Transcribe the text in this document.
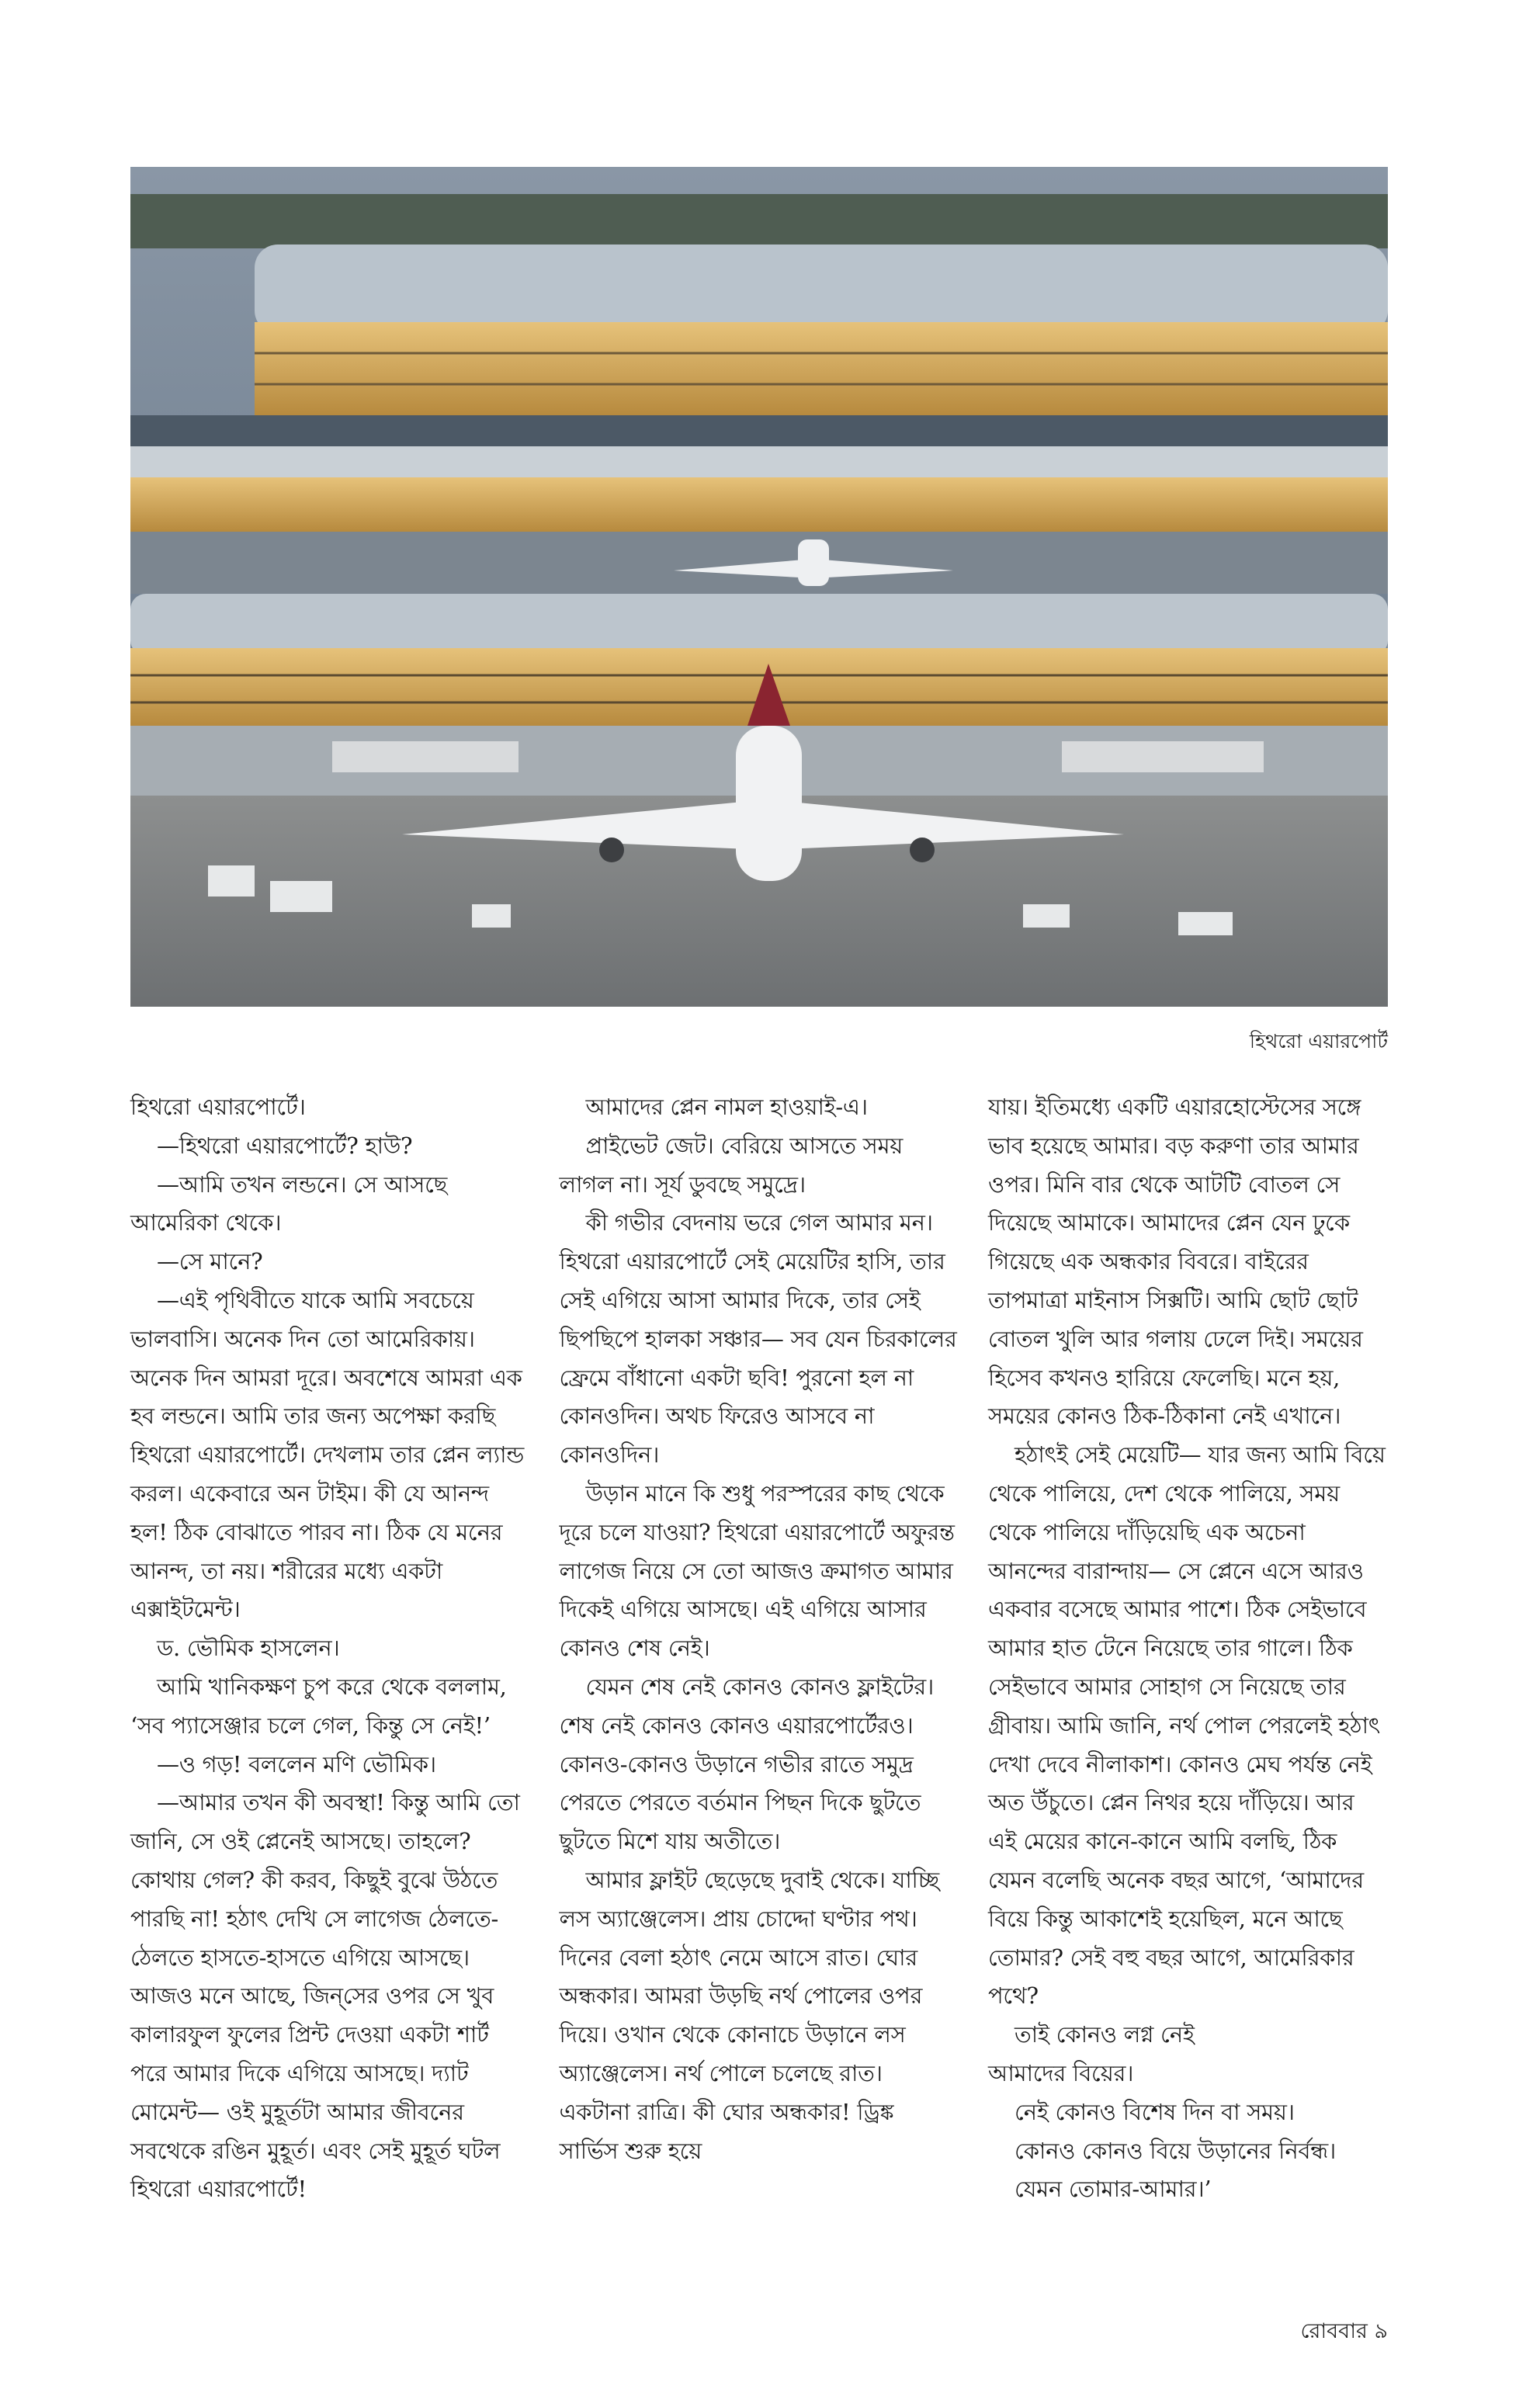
হিথরো এয়ারপোর্ট

হিথরো এয়ারপোর্টে।

—হিথরো এয়ারপোর্টে? হাউ?

—আমি তখন লন্ডনে। সে আসছে আমেরিকা থেকে।

—সে মানে?

—এই পৃথিবীতে যাকে আমি সবচেয়ে ভালবাসি। অনেক দিন তো আমেরিকায়। অনেক দিন আমরা দূরে। অবশেষে আমরা এক হব লন্ডনে। আমি তার জন্য অপেক্ষা করছি হিথরো এয়ারপোর্টে। দেখলাম তার প্লেন ল্যান্ড করল। একেবারে অন টাইম। কী যে আনন্দ হল! ঠিক বোঝাতে পারব না। ঠিক যে মনের আনন্দ, তা নয়। শরীরের মধ্যে একটা এক্সাইটমেন্ট।

ড. ভৌমিক হাসলেন।

আমি খানিকক্ষণ চুপ করে থেকে বললাম, ‘সব প্যাসেঞ্জার চলে গেল, কিন্তু সে নেই!’

—ও গড়! বললেন মণি ভৌমিক।

—আমার তখন কী অবস্থা! কিন্তু আমি তো জানি, সে ওই প্লেনেই আসছে। তাহলে? কোথায় গেল? কী করব, কিছুই বুঝে উঠতে পারছি না! হঠাৎ দেখি সে লাগেজ ঠেলতে-ঠেলতে হাসতে-হাসতে এগিয়ে আসছে। আজও মনে আছে, জিন্‌সের ওপর সে খুব কালারফুল ফুলের প্রিন্ট দেওয়া একটা শার্ট পরে আমার দিকে এগিয়ে আসছে। দ্যাট মোমেন্ট— ওই মুহূর্তটা আমার জীবনের সবথেকে রঙিন মুহূর্ত। এবং সেই মুহূর্ত ঘটল হিথরো এয়ারপোর্টে!

আমাদের প্লেন নামল হাওয়াই-এ।

প্রাইভেট জেট। বেরিয়ে আসতে সময় লাগল না। সূর্য ডুবছে সমুদ্রে।

কী গভীর বেদনায় ভরে গেল আমার মন। হিথরো এয়ারপোর্টে সেই মেয়েটির হাসি, তার সেই এগিয়ে আসা আমার দিকে, তার সেই ছিপছিপে হালকা সঞ্চার— সব যেন চিরকালের ফ্রেমে বাঁধানো একটা ছবি! পুরনো হল না কোনওদিন। অথচ ফিরেও আসবে না কোনওদিন।

উড়ান মানে কি শুধু পরস্পরের কাছ থেকে দূরে চলে যাওয়া? হিথরো এয়ারপোর্টে অফুরন্ত লাগেজ নিয়ে সে তো আজও ক্রমাগত আমার দিকেই এগিয়ে আসছে। এই এগিয়ে আসার কোনও শেষ নেই।

যেমন শেষ নেই কোনও কোনও ফ্লাইটের। শেষ নেই কোনও কোনও এয়ারপোর্টেরও। কোনও-কোনও উড়ানে গভীর রাতে সমুদ্র পেরতে পেরতে বর্তমান পিছন দিকে ছুটতে ছুটতে মিশে যায় অতীতে।

আমার ফ্লাইট ছেড়েছে দুবাই থেকে। যাচ্ছি লস অ্যাঞ্জেলেস। প্রায় চোদ্দো ঘণ্টার পথ। দিনের বেলা হঠাৎ নেমে আসে রাত। ঘোর অন্ধকার। আমরা উড়ছি নর্থ পোলের ওপর দিয়ে। ওখান থেকে কোনাচে উড়ানে লস অ্যাঞ্জেলেস। নর্থ পোলে চলেছে রাত। একটানা রাত্রি। কী ঘোর অন্ধকার! ড্রিঙ্ক সার্ভিস শুরু হয়ে

যায়। ইতিমধ্যে একটি এয়ারহোস্টেসের সঙ্গে ভাব হয়েছে আমার। বড় করুণা তার আমার ওপর। মিনি বার থেকে আটটি বোতল সে দিয়েছে আমাকে। আমাদের প্লেন যেন ঢুকে গিয়েছে এক অন্ধকার বিবরে। বাইরের তাপমাত্রা মাইনাস সিক্সটি। আমি ছোট ছোট বোতল খুলি আর গলায় ঢেলে দিই। সময়ের হিসেব কখনও হারিয়ে ফেলেছি। মনে হয়, সময়ের কোনও ঠিক-ঠিকানা নেই এখানে।

হঠাৎই সেই মেয়েটি— যার জন্য আমি বিয়ে থেকে পালিয়ে, দেশ থেকে পালিয়ে, সময় থেকে পালিয়ে দাঁড়িয়েছি এক অচেনা আনন্দের বারান্দায়— সে প্লেনে এসে আরও একবার বসেছে আমার পাশে। ঠিক সেইভাবে আমার হাত টেনে নিয়েছে তার গালে। ঠিক সেইভাবে আমার সোহাগ সে নিয়েছে তার গ্রীবায়। আমি জানি, নর্থ পোল পেরলেই হঠাৎ দেখা দেবে নীলাকাশ। কোনও মেঘ পর্যন্ত নেই অত উঁচুতে। প্লেন নিথর হয়ে দাঁড়িয়ে। আর এই মেয়ের কানে-কানে আমি বলছি, ঠিক যেমন বলেছি অনেক বছর আগে, ‘আমাদের বিয়ে কিন্তু আকাশেই হয়েছিল, মনে আছে তোমার? সেই বহু বছর আগে, আমেরিকার পথে?

তাই কোনও লগ্ন নেই

আমাদের বিয়ের।

নেই কোনও বিশেষ দিন বা সময়।

কোনও কোনও বিয়ে উড়ানের নির্বন্ধ।

যেমন তোমার-আমার।’

রোববার ৯
